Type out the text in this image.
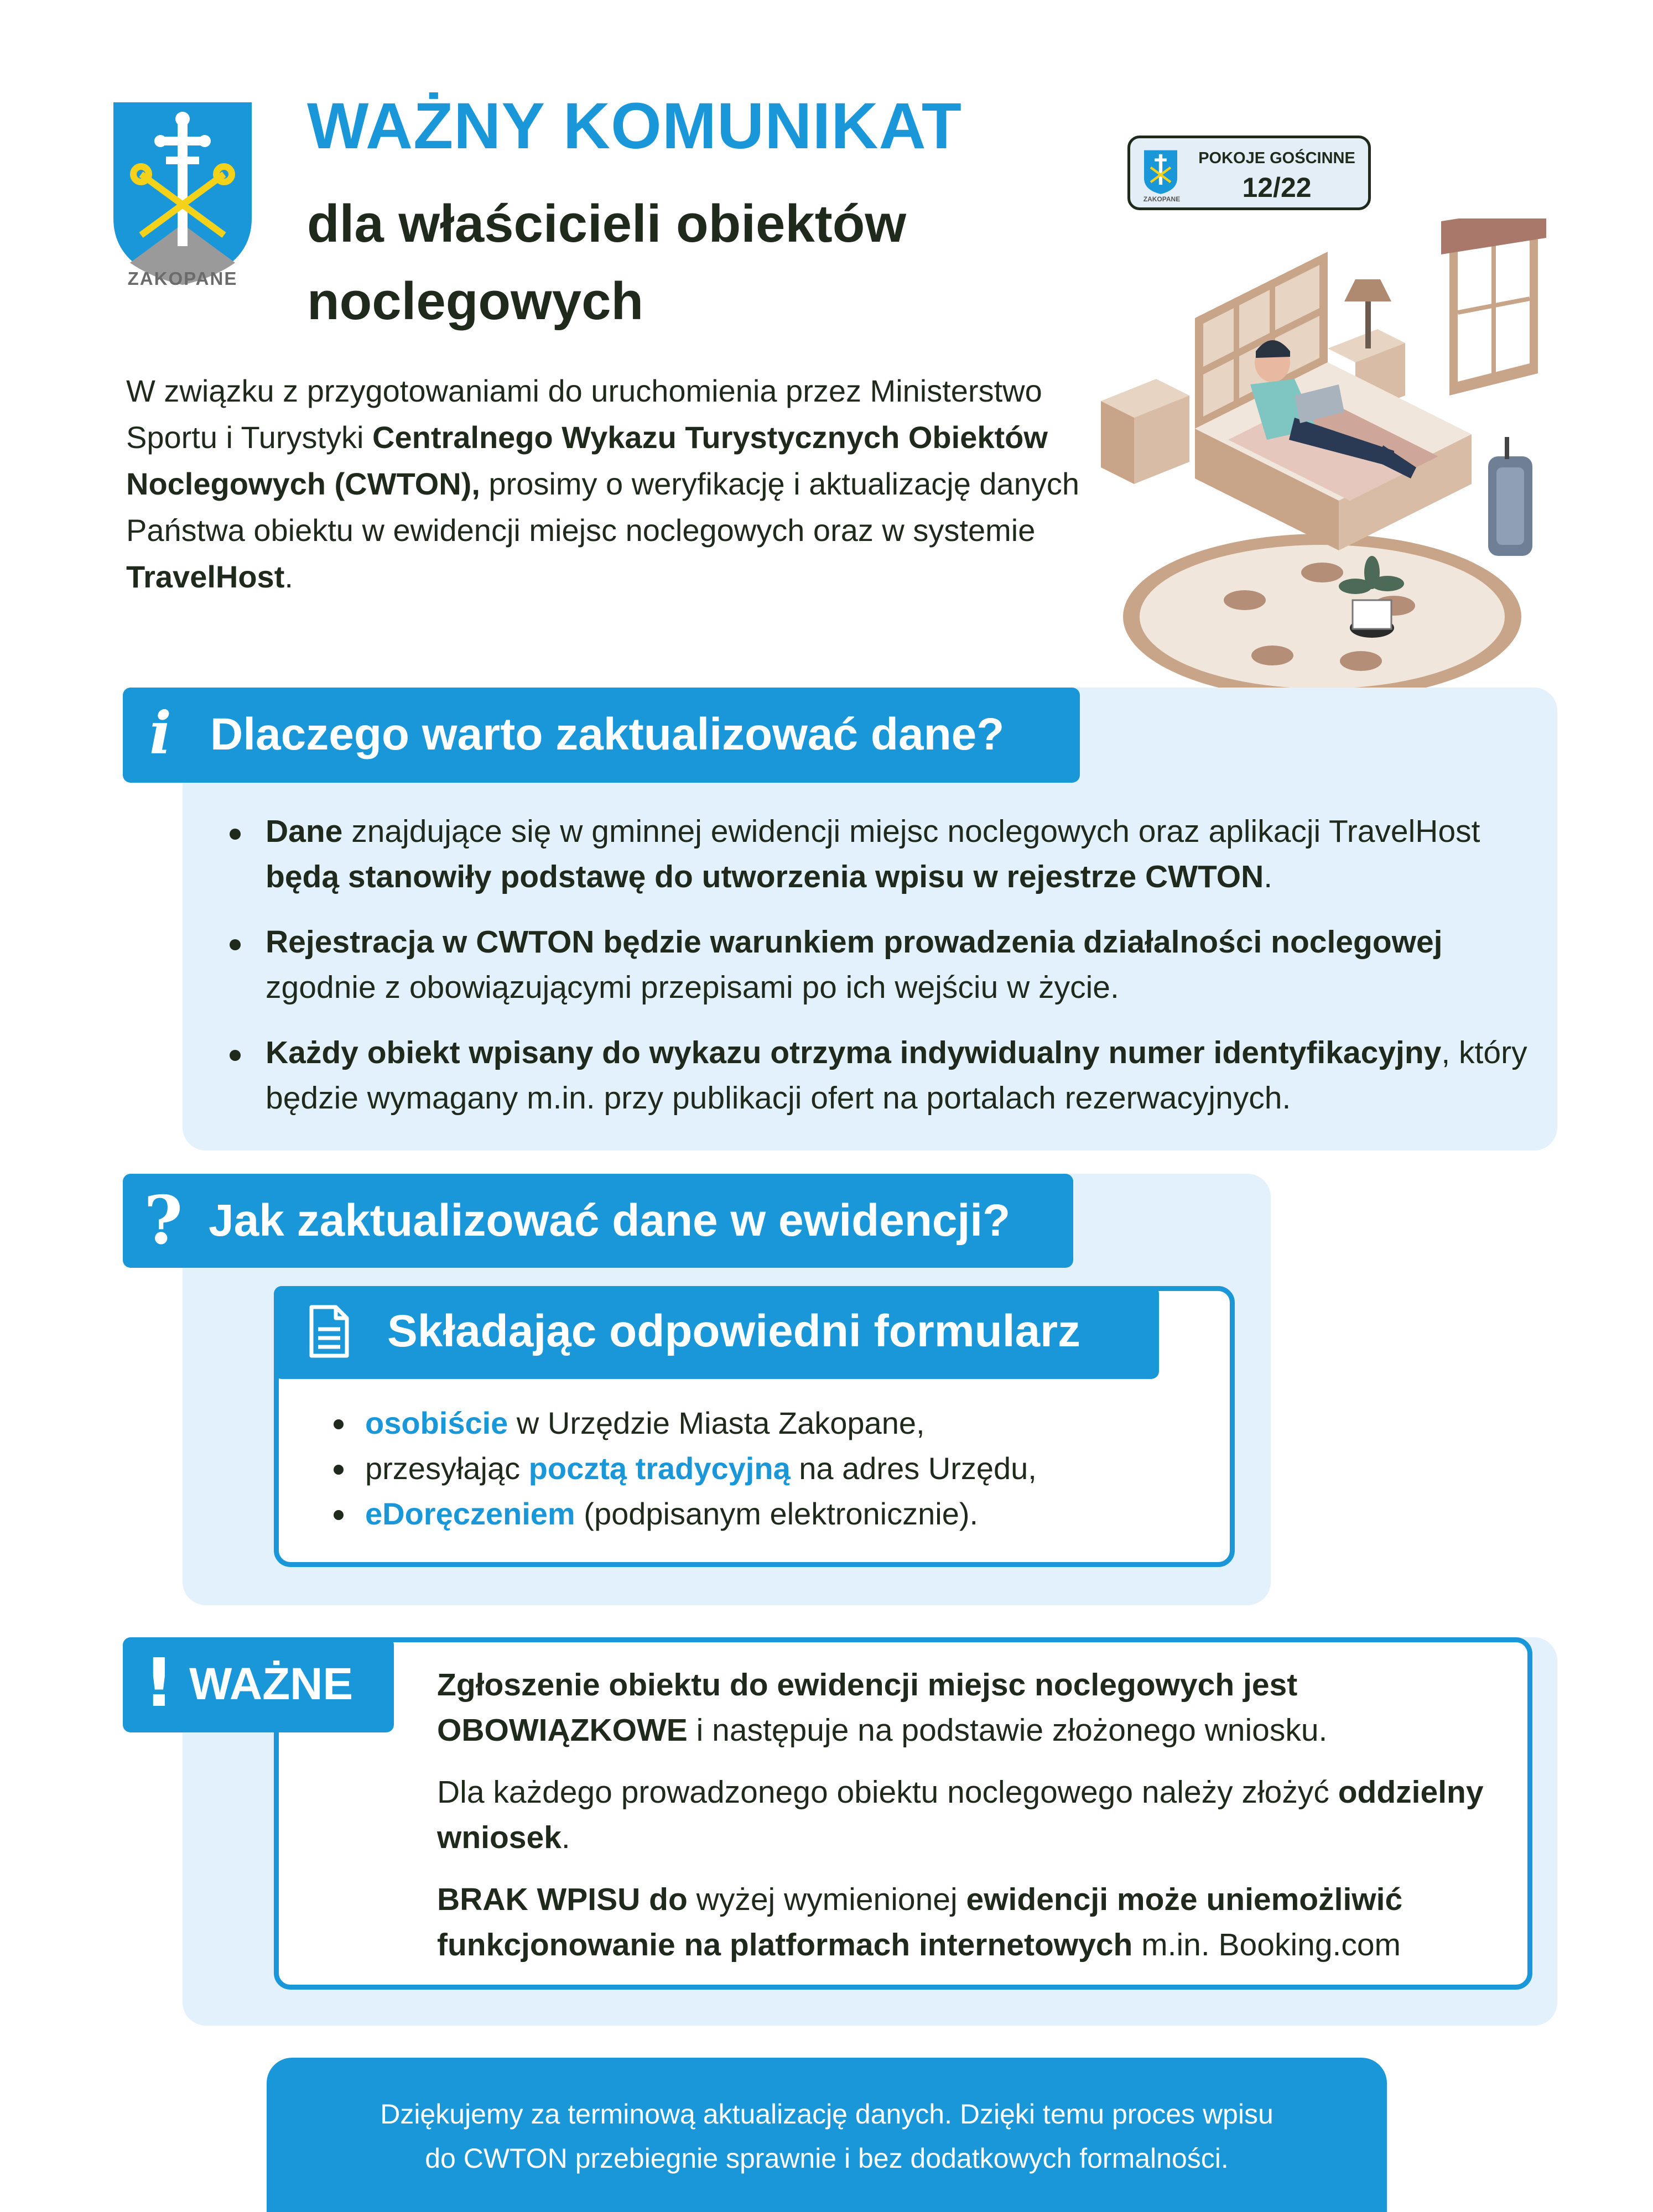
ZAKOPANE
WAŻNY KOMUNIKAT
dla właścicieli obiektów noclegowych
ZAKOPANE
POKOJE GOŚCINNE
12/22
W związku z przygotowaniami do uruchomienia przez Ministerstwo Sportu i Turystyki Centralnego Wykazu Turystycznych Obiektów Noclegowych (CWTON), prosimy o weryfikację i aktualizację danych Państwa obiektu w ewidencji miejsc noclegowych oraz w systemie TravelHost.
i Dlaczego warto zaktualizować dane?
Dane znajdujące się w gminnej ewidencji miejsc noclegowych oraz aplikacji TravelHost będą stanowiły podstawę do utworzenia wpisu w rejestrze CWTON.
Rejestracja w CWTON będzie warunkiem prowadzenia działalności noclegowej zgodnie z obowiązującymi przepisami po ich wejściu w życie.
Każdy obiekt wpisany do wykazu otrzyma indywidualny numer identyfikacyjny, który będzie wymagany m.in. przy publikacji ofert na portalach rezerwacyjnych.
? Jak zaktualizować dane w ewidencji?
Składając odpowiedni formularz
osobiście w Urzędzie Miasta Zakopane,
przesyłając pocztą tradycyjną na adres Urzędu,
eDoręczeniem (podpisanym elektronicznie).
! WAŻNE	Zgłoszenie obiektu do ewidencji miejsc noclegowych jest OBOWIĄZKOWE i następuje na podstawie złożonego wniosku.

Dla każdego prowadzonego obiektu noclegowego należy złożyć oddzielny wniosek.

BRAK WPISU do wyżej wymienionej ewidencji może uniemożliwić funkcjonowanie na platformach internetowych m.in. Booking.com

Dziękujemy za terminową aktualizację danych. Dzięki temu proces wpisu
do CWTON przebiegnie sprawnie i bez dodatkowych formalności.
